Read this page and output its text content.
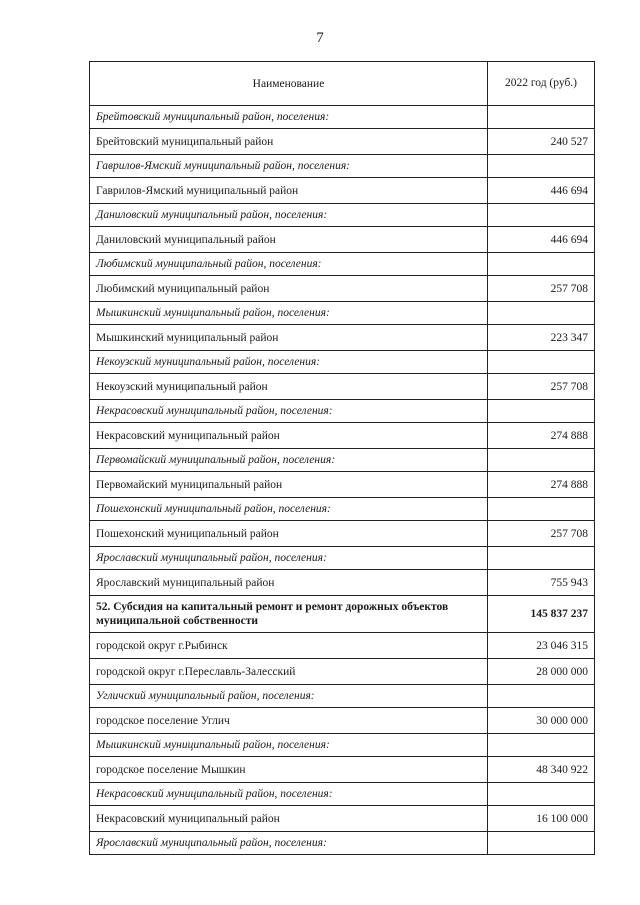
7
Наименование	2022 год (руб.)
Брейтовский муниципальный район, поселения:	
Брейтовский муниципальный район	240 527
Гаврилов-Ямский муниципальный район, поселения:	
Гаврилов-Ямский муниципальный район	446 694
Даниловский муниципальный район, поселения:	
Даниловский муниципальный район	446 694
Любимский муниципальный район, поселения:	
Любимский муниципальный район	257 708
Мышкинский муниципальный район, поселения:	
Мышкинский муниципальный район	223 347
Некоузский муниципальный район, поселения:	
Некоузский муниципальный район	257 708
Некрасовский муниципальный район, поселения:	
Некрасовский муниципальный район	274 888
Первомайский муниципальный район, поселения:	
Первомайский муниципальный район	274 888
Пошехонский муниципальный район, поселения:	
Пошехонский муниципальный район	257 708
Ярославский муниципальный район, поселения:	
Ярославский муниципальный район	755 943
52. Субсидия на капитальный ремонт и ремонт дорожных объектов муниципальной собственности	145 837 237
городской округ г.Рыбинск	23 046 315
городской округ г.Переславль-Залесский	28 000 000
Угличский муниципальный район, поселения:	
городское поселение Углич	30 000 000
Мышкинский муниципальный район, поселения:	
городское поселение Мышкин	48 340 922
Некрасовский муниципальный район, поселения:	
Некрасовский муниципальный район	16 100 000
Ярославский муниципальный район, поселения:	
